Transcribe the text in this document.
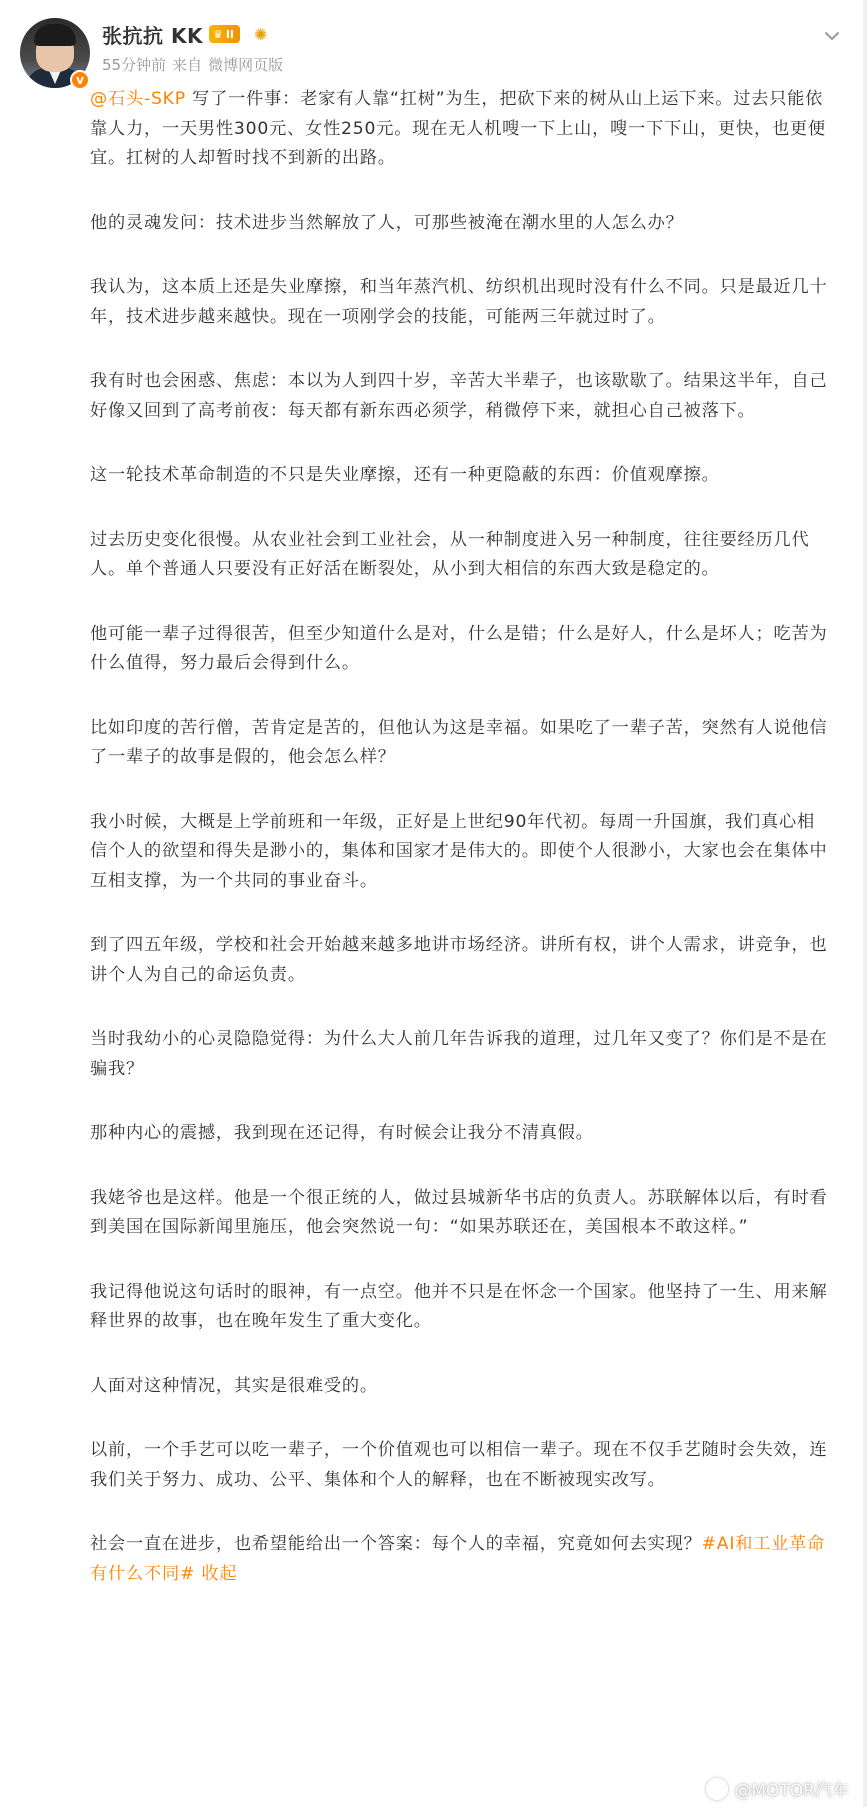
v
张抗抗 KK ♛ II ✺
55分钟前 来自 微博网页版

@石头-SKP 写了一件事：老家有人靠“扛树”为生，把砍下来的树从山上运下来。过去只能依靠人力，一天男性300元、女性250元。现在无人机嗖一下上山，嗖一下下山，更快，也更便宜。扛树的人却暂时找不到新的出路。

他的灵魂发问：技术进步当然解放了人，可那些被淹在潮水里的人怎么办？

我认为，这本质上还是失业摩擦，和当年蒸汽机、纺织机出现时没有什么不同。只是最近几十年，技术进步越来越快。现在一项刚学会的技能，可能两三年就过时了。

我有时也会困惑、焦虑：本以为人到四十岁，辛苦大半辈子，也该歇歇了。结果这半年，自己好像又回到了高考前夜：每天都有新东西必须学，稍微停下来，就担心自己被落下。

这一轮技术革命制造的不只是失业摩擦，还有一种更隐蔽的东西：价值观摩擦。

过去历史变化很慢。从农业社会到工业社会，从一种制度进入另一种制度，往往要经历几代人。单个普通人只要没有正好活在断裂处，从小到大相信的东西大致是稳定的。

他可能一辈子过得很苦，但至少知道什么是对，什么是错；什么是好人，什么是坏人；吃苦为什么值得，努力最后会得到什么。

比如印度的苦行僧，苦肯定是苦的，但他认为这是幸福。如果吃了一辈子苦，突然有人说他信了一辈子的故事是假的，他会怎么样？

我小时候，大概是上学前班和一年级，正好是上世纪90年代初。每周一升国旗，我们真心相信个人的欲望和得失是渺小的，集体和国家才是伟大的。即使个人很渺小，大家也会在集体中互相支撑，为一个共同的事业奋斗。

到了四五年级，学校和社会开始越来越多地讲市场经济。讲所有权，讲个人需求，讲竞争，也讲个人为自己的命运负责。

当时我幼小的心灵隐隐觉得：为什么大人前几年告诉我的道理，过几年又变了？你们是不是在骗我？

那种内心的震撼，我到现在还记得，有时候会让我分不清真假。

我姥爷也是这样。他是一个很正统的人，做过县城新华书店的负责人。苏联解体以后，有时看到美国在国际新闻里施压，他会突然说一句：“如果苏联还在，美国根本不敢这样。”

我记得他说这句话时的眼神，有一点空。他并不只是在怀念一个国家。他坚持了一生、用来解释世界的故事，也在晚年发生了重大变化。

人面对这种情况，其实是很难受的。

以前，一个手艺可以吃一辈子，一个价值观也可以相信一辈子。现在不仅手艺随时会失效，连我们关于努力、成功、公平、集体和个人的解释，也在不断被现实改写。

社会一直在进步，也希望能给出一个答案：每个人的幸福，究竟如何去实现？#AI和工业革命有什么不同# 收起

@MOTOR汽车
